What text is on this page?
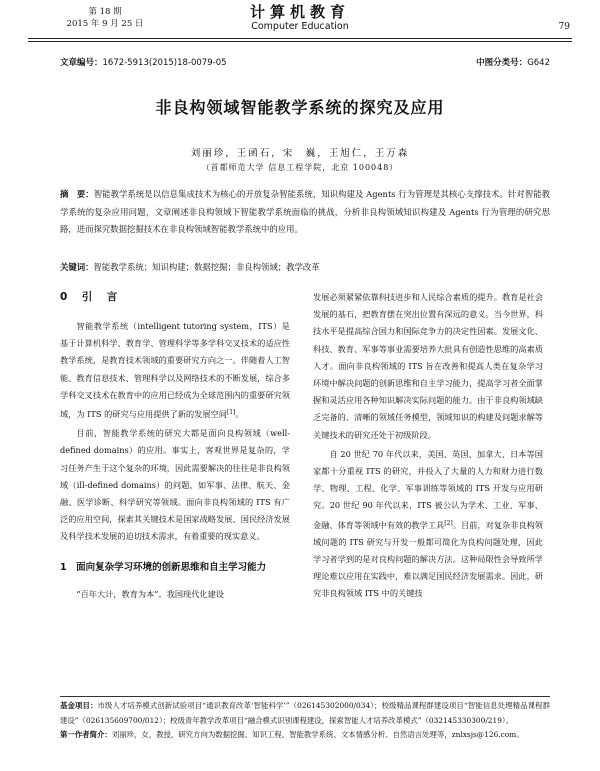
第 18 期
2015 年 9 月 25 日
计算机教育
Computer Education	79
文章编号：1672-5913(2015)18-0079-05	中图分类号：G642
非良构领域智能教学系统的探究及应用
刘丽珍，王函石，宋　巍，王旭仁，王万森
（首都师范大学 信息工程学院，北京 100048）

摘　要：智能教学系统是以信息集成技术为核心的开放复杂智能系统，知识构建及 Agents 行为管理是其核心支撑技术。针对智能教学系统的复杂应用问题，文章阐述非良构领域下智能教学系统面临的挑战，分析非良构领域知识构建及 Agents 行为管理的研究思路，进而探究数据挖掘技术在非良构领域智能教学系统中的应用。

关键词：智能教学系统；知识构建；数据挖掘；非良构领域；教学改革
0　引　言

智能教学系统（intelligent tutoring system，ITS）是基于计算机科学、教育学、管理科学等多学科交叉技术的适应性教学系统，是教育技术领域的重要研究方向之一。伴随着人工智能、教育信息技术、管理科学以及网络技术的不断发展，综合多学科交叉技术在教育中的应用已经成为全球范围内的重要研究领域，为 ITS 的研究与应用提供了新的发展空间[1]。

目前，智能教学系统的研究大都是面向良构领域（well-defined domains）的应用。事实上，客观世界是复杂的，学习任务产生于这个复杂的环境，因此需要解决的往往是非良构领域（ill-defined domains）的问题，如军事、法律、航天、金融、医学诊断、科学研究等领域。面向非良构领域的 ITS 有广泛的应用空间，探索其关键技术是国家战略发展、国民经济发展及科学技术发展的迫切技术需求，有着重要的现实意义。

1　面向复杂学习环境的创新思维和自主学习能力

“百年大计，教育为本”。我国现代化建设

发展必须紧紧依靠科技进步和人民综合素质的提升。教育是社会发展的基石，把教育摆在突出位置有深远的意义。当今世界，科技水平是提高综合国力和国际竞争力的决定性因素。发展文化、科技、教育、军事等事业需要培养大批具有创造性思维的高素质人才。面向非良构领域的 ITS 旨在改善和提高人类在复杂学习环境中解决问题的创新思维和自主学习能力，提高学习者全面掌握和灵活应用各种知识解决实际问题的能力。由于非良构领域缺乏完备的、清晰的领域任务模型，领域知识的构建及问题求解等关键技术的研究还处于初级阶段。

自 20 世纪 70 年代以来，美国、英国、加拿大、日本等国家都十分重视 ITS 的研究，并投入了大量的人力和财力进行数学、物理、工程、化学、军事训练等领域的 ITS 开发与应用研究。20 世纪 90 年代以来，ITS 被公认为学术、工业、军事、金融、体育等领域中有效的教学工具[2]。目前，对复杂非良构领域问题的 ITS 研究与开发一般都可简化为良构问题处理，因此学习者学到的是对良构问题的解决方法。这种局限性会导致所学理论难以应用在实践中，难以满足国民经济发展需求。因此，研究非良构领域 ITS 中的关键技

基金项目：市级人才培养模式创新试验项目“通识教育改革‘智能科学’”（026145302000/034）；校级精品课程群建设项目“智能信息处理精品课程群建设”（026135609700/012）；校级青年教学改革项目“融合模式识别课程建设，探索智能人才培养改革模式”（032145330300/219）。

第一作者简介：刘丽珍，女，教授，研究方向为数据挖掘、知识工程、智能教学系统、文本情感分析、自然语言处理等，znlxsjs@126.com。
